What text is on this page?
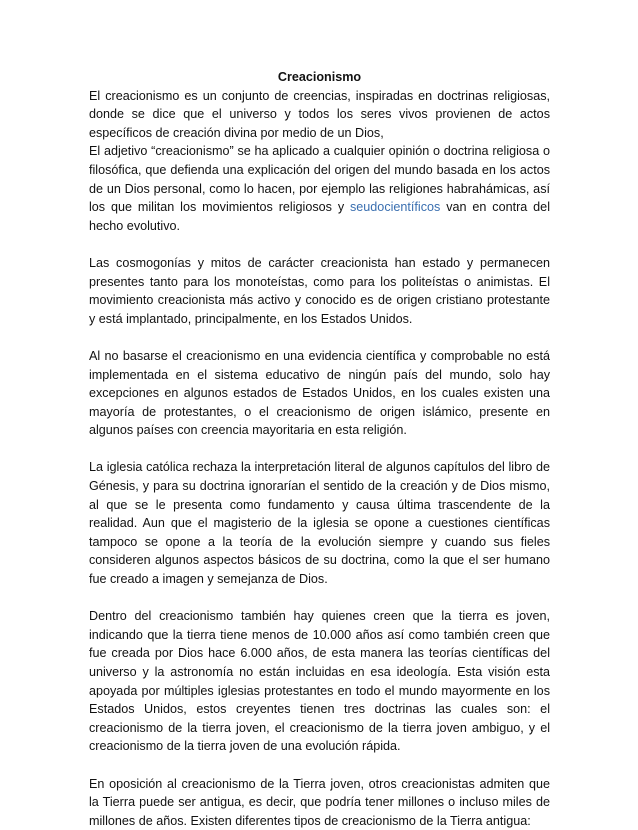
Creacionismo
El creacionismo es un conjunto de creencias, inspiradas en doctrinas religiosas, donde se dice que el universo y todos los seres vivos provienen de actos específicos de creación divina por medio de un Dios,
El adjetivo “creacionismo” se ha aplicado a cualquier opinión o doctrina religiosa o filosófica, que defienda una explicación del origen del mundo basada en los actos de un Dios personal, como lo hacen, por ejemplo las religiones habrahámicas, así los que militan los movimientos religiosos y seudocientíficos van en contra del hecho evolutivo.
Las cosmogonías y mitos de carácter creacionista han estado y permanecen presentes tanto para los monoteístas, como para los politeístas o animistas. El movimiento creacionista más activo y conocido es de origen cristiano protestante y está implantado, principalmente, en los Estados Unidos.
Al no basarse el creacionismo en una evidencia científica y comprobable no está implementada en el sistema educativo de ningún país del mundo, solo hay excepciones en algunos estados de Estados Unidos, en los cuales existen una mayoría de protestantes, o el creacionismo de origen islámico, presente en algunos países con creencia mayoritaria en esta religión.
La iglesia católica rechaza la interpretación literal de algunos capítulos del libro de Génesis, y para su doctrina ignorarían el sentido de la creación y de Dios mismo, al que se le presenta como fundamento y causa última trascendente de la realidad. Aun que el magisterio de la iglesia se opone a cuestiones científicas tampoco se opone a la teoría de la evolución siempre y cuando sus fieles consideren algunos aspectos básicos de su doctrina, como la que el ser humano fue creado a imagen y semejanza de Dios.
Dentro del creacionismo también hay quienes creen que la tierra es joven, indicando que la tierra tiene menos de 10.000 años así como también creen que fue creada por Dios hace 6.000 años, de esta manera las teorías científicas del universo y la astronomía no están incluidas en esa ideología. Esta visión esta apoyada por múltiples iglesias protestantes en todo el mundo mayormente en los Estados Unidos, estos creyentes tienen tres doctrinas las cuales son: el creacionismo de la tierra joven, el creacionismo de la tierra joven ambiguo, y el creacionismo de la tierra joven de una evolución rápida.
En oposición al creacionismo de la Tierra joven, otros creacionistas admiten que la Tierra puede ser antigua, es decir, que podría tener millones o incluso miles de millones de años. Existen diferentes tipos de creacionismo de la Tierra antigua:
